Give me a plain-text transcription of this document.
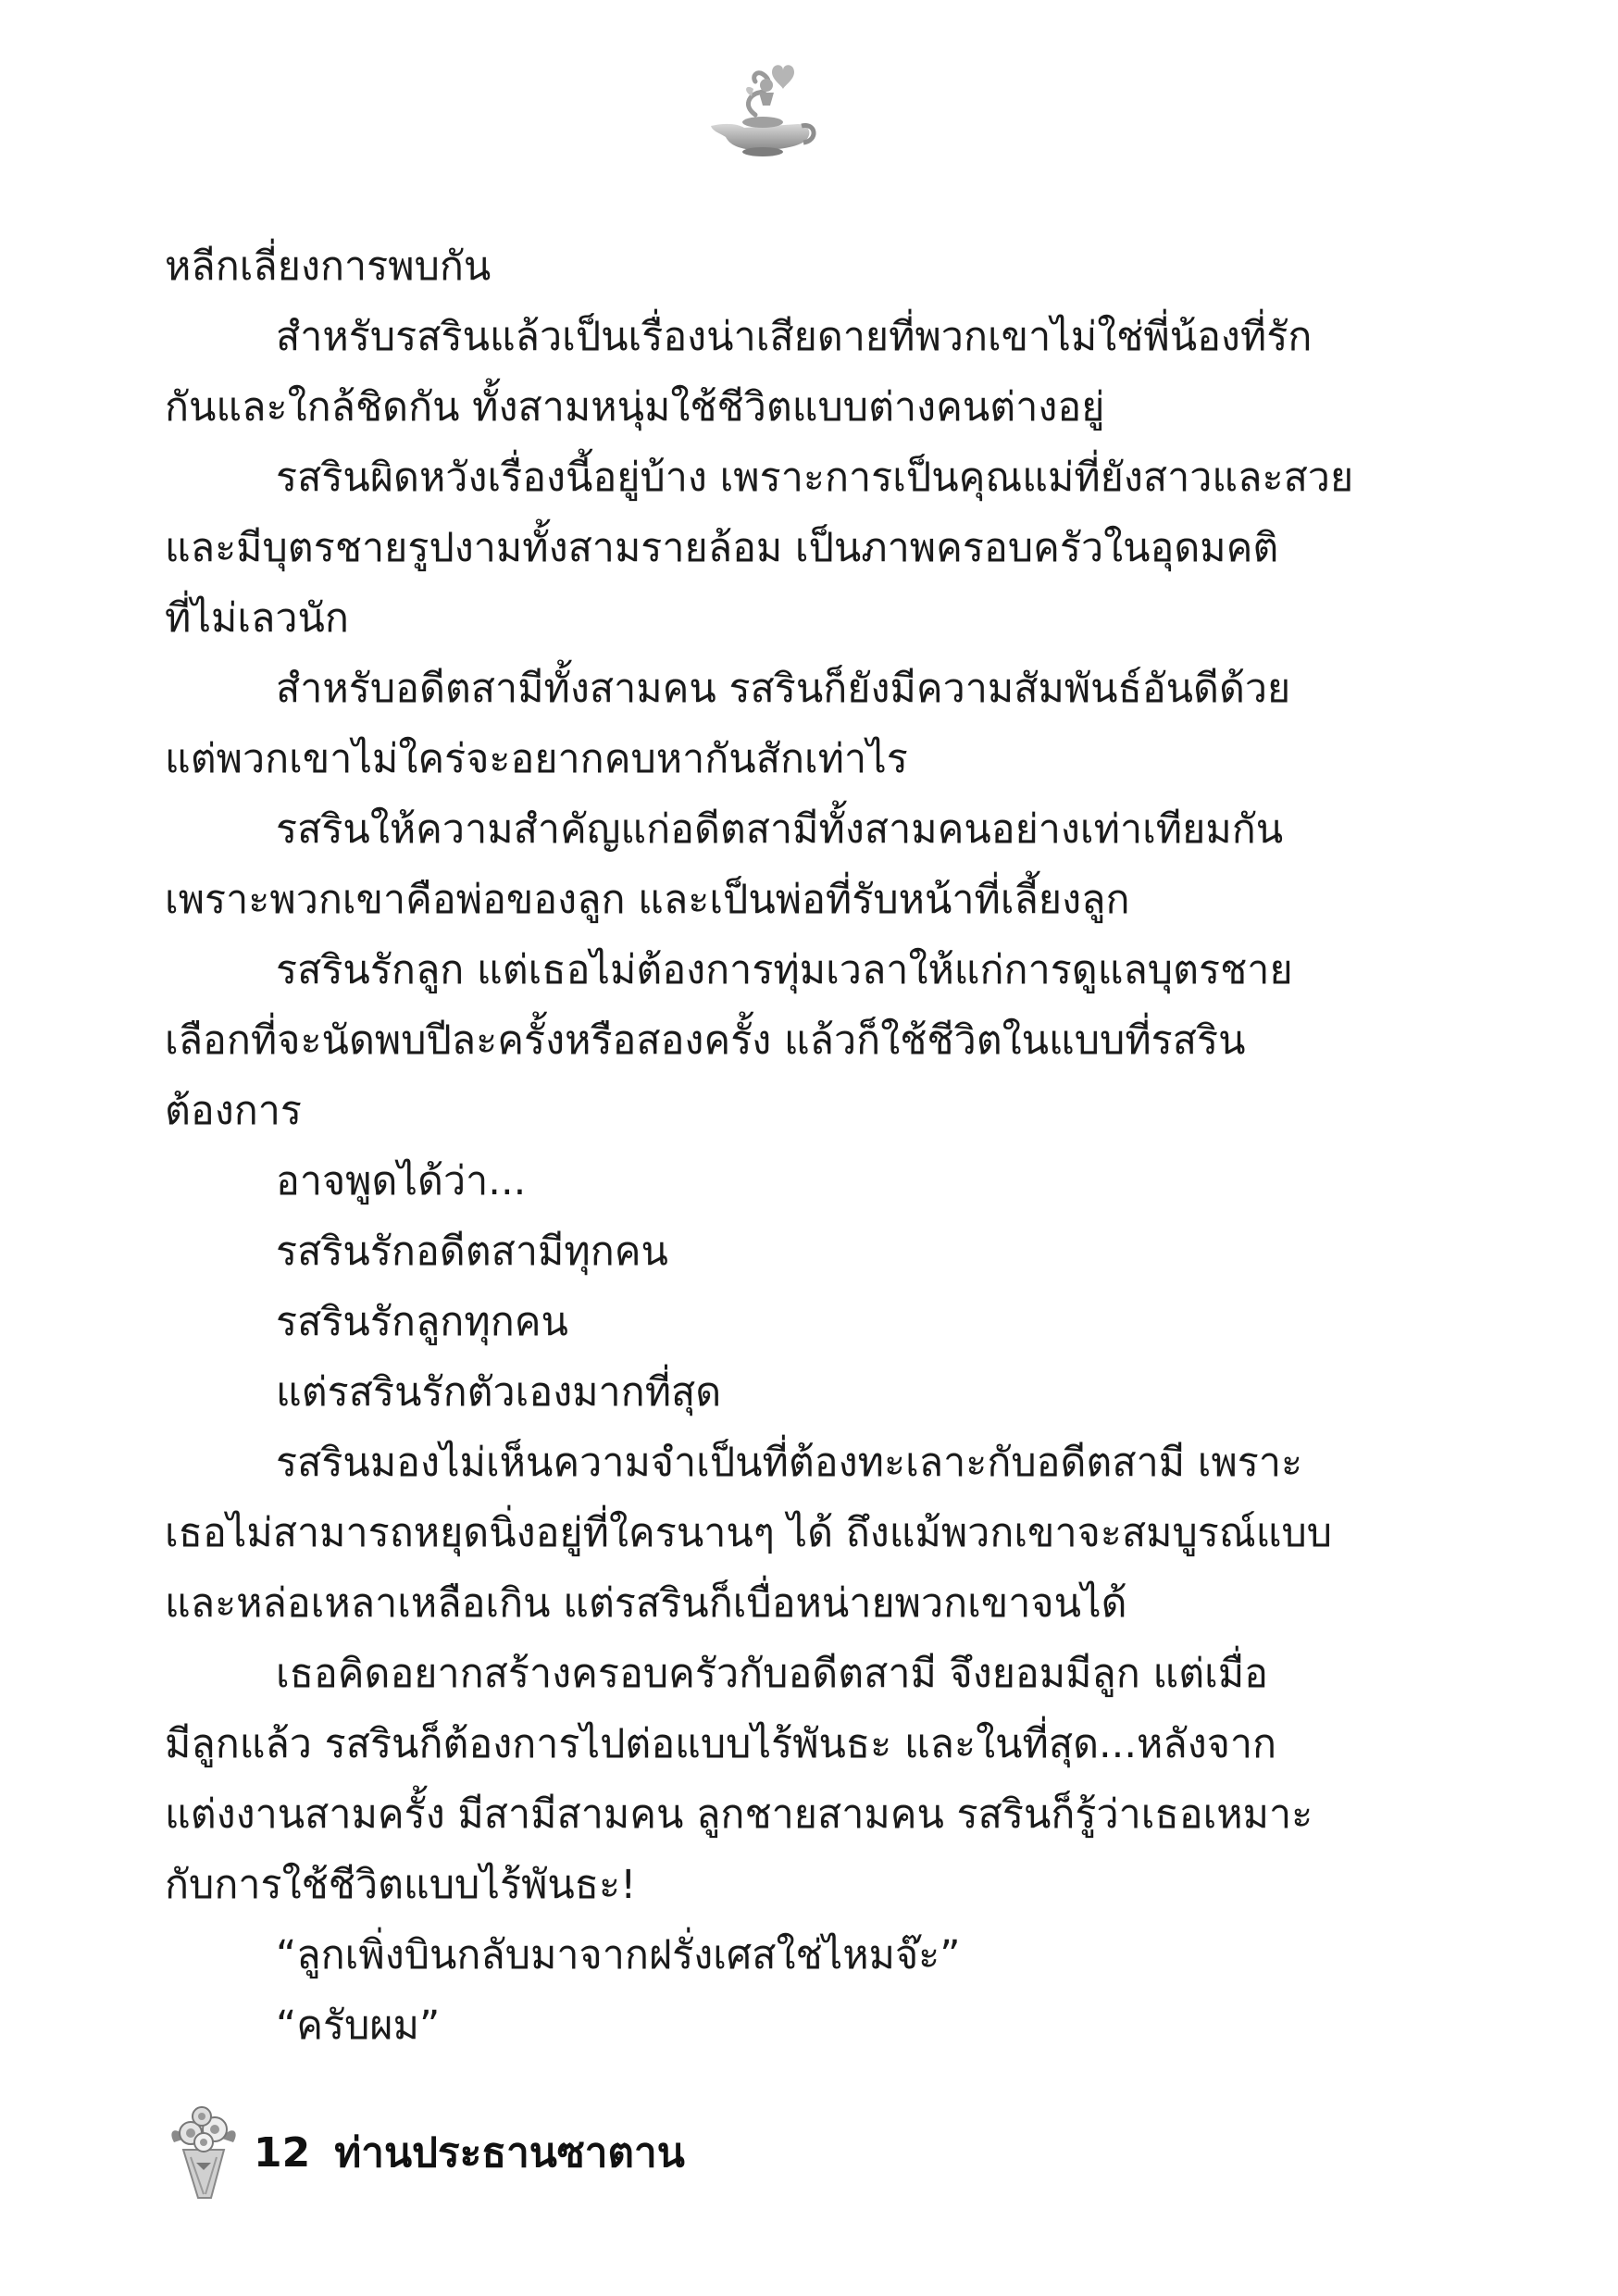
หลีกเลี่ยงการพบกัน
สำหรับรสรินแล้วเป็นเรื่องน่าเสียดายที่พวกเขาไม่ใช่พี่น้องที่รัก
กันและใกล้ชิดกัน ทั้งสามหนุ่มใช้ชีวิตแบบต่างคนต่างอยู่
รสรินผิดหวังเรื่องนี้อยู่บ้าง เพราะการเป็นคุณแม่ที่ยังสาวและสวย
และมีบุตรชายรูปงามทั้งสามรายล้อม เป็นภาพครอบครัวในอุดมคติ
ที่ไม่เลวนัก
สำหรับอดีตสามีทั้งสามคน รสรินก็ยังมีความสัมพันธ์อันดีด้วย
แต่พวกเขาไม่ใคร่จะอยากคบหากันสักเท่าไร
รสรินให้ความสำคัญแก่อดีตสามีทั้งสามคนอย่างเท่าเทียมกัน
เพราะพวกเขาคือพ่อของลูก และเป็นพ่อที่รับหน้าที่เลี้ยงลูก
รสรินรักลูก แต่เธอไม่ต้องการทุ่มเวลาให้แก่การดูแลบุตรชาย
เลือกที่จะนัดพบปีละครั้งหรือสองครั้ง แล้วก็ใช้ชีวิตในแบบที่รสริน
ต้องการ
อาจพูดได้ว่า...
รสรินรักอดีตสามีทุกคน
รสรินรักลูกทุกคน
แต่รสรินรักตัวเองมากที่สุด
รสรินมองไม่เห็นความจำเป็นที่ต้องทะเลาะกับอดีตสามี เพราะ
เธอไม่สามารถหยุดนิ่งอยู่ที่ใครนานๆ ได้ ถึงแม้พวกเขาจะสมบูรณ์แบบ
และหล่อเหลาเหลือเกิน แต่รสรินก็เบื่อหน่ายพวกเขาจนได้
เธอคิดอยากสร้างครอบครัวกับอดีตสามี จึงยอมมีลูก แต่เมื่อ
มีลูกแล้ว รสรินก็ต้องการไปต่อแบบไร้พันธะ และในที่สุด...หลังจาก
แต่งงานสามครั้ง มีสามีสามคน ลูกชายสามคน รสรินก็รู้ว่าเธอเหมาะ
กับการใช้ชีวิตแบบไร้พันธะ!
“ลูกเพิ่งบินกลับมาจากฝรั่งเศสใช่ไหมจ๊ะ”
“ครับผม”
12 ท่านประธานซาตาน
